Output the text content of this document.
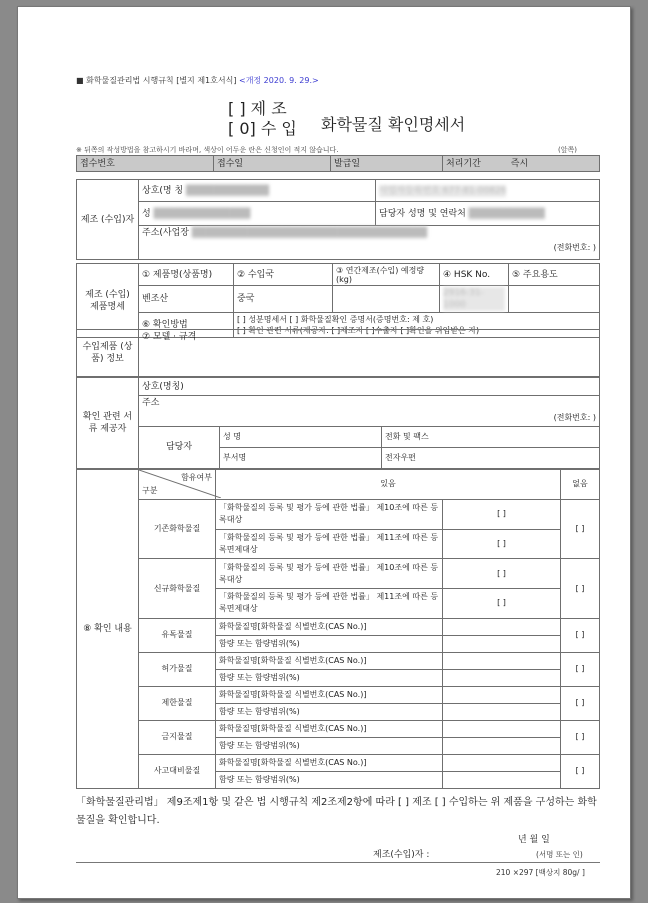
■ 화학물질관리법 시행규칙 [별지 제1호서식] <개정 2020. 9. 29.>
[ ] 제 조
[ 0] 수 입 화학물질 확인명세서
※ 뒤쪽의 작성방법을 참고하시기 바라며, 색상이 어두운 란은 신청인이 적지 않습니다.	(앞쪽)
접수번호	접수일	발급일	처리기간	즉시
제조 (수입)자	상호(명 칭 ████████████	사업자등록번호 677-81-00826
	성 ██████████████	담당자 성명 및 연락처 ███████████
	주소(사업장 ██████████████████████████████████
(전화번호: )	
제조 (수입) 제품명세	① 제품명(상품명)	② 수입국	③ 연간제조(수입) 예정량(kg)	④ HSK No.	⑤ 주요용도
	벤조산	중국		2916-31-1000	
	⑥ 확인방법	[ ] 성분명세서 [ ] 화학물질확인 증명서(증명번호: 제 호)
[ ] 확인 관련 서류(제공자: [ ]제조자 [ ]수출자 [ ]확인을 위임받은 자)			
수입제품 (상품) 정보	⑦ 모델 · 규격
확인 관련 서류 제공자	상호(명칭)		
	주소
(전화번호: )		

	담당자	성 명	전화 및 팩스
		부서명	전자우편
⑧ 확인 내용	함유여부
구분	있음		없음
	기존화학물질	「화학물질의 등록 및 평가 등에 관한 법률」 제10조에 따른 등록대상	[ ]	[ ]
		「화학물질의 등록 및 평가 등에 관한 법률」 제11조에 따른 등록면제대상	[ ]	
	신규화학물질	「화학물질의 등록 및 평가 등에 관한 법률」 제10조에 따른 등록대상	[ ]	[ ]
		「화학물질의 등록 및 평가 등에 관한 법률」 제11조에 따른 등록면제대상	[ ]	
	유독물질	화학물질명[화학물질 식별번호(CAS No.)]		[ ]
		함량 또는 함량범위(%)		
	허가물질	화학물질명[화학물질 식별번호(CAS No.)]		[ ]
		함량 또는 함량범위(%)		
	제한물질	화학물질명[화학물질 식별번호(CAS No.)]		[ ]
		함량 또는 함량범위(%)		
	금지물질	화학물질명[화학물질 식별번호(CAS No.)]		[ ]
		함량 또는 함량범위(%)		
	사고대비물질	화학물질명[화학물질 식별번호(CAS No.)]		[ ]
		함량 또는 함량범위(%)		
「화학물질관리법」 제9조제1항 및 같은 법 시행규칙 제2조제2항에 따라 [ ] 제조 [ ] 수입하는 위 제품을 구성하는 화학물질을 확인합니다.
년 월 일
제조(수입)자 :	(서명 또는 인)
210 ×297 [백상지 80g/ ]
